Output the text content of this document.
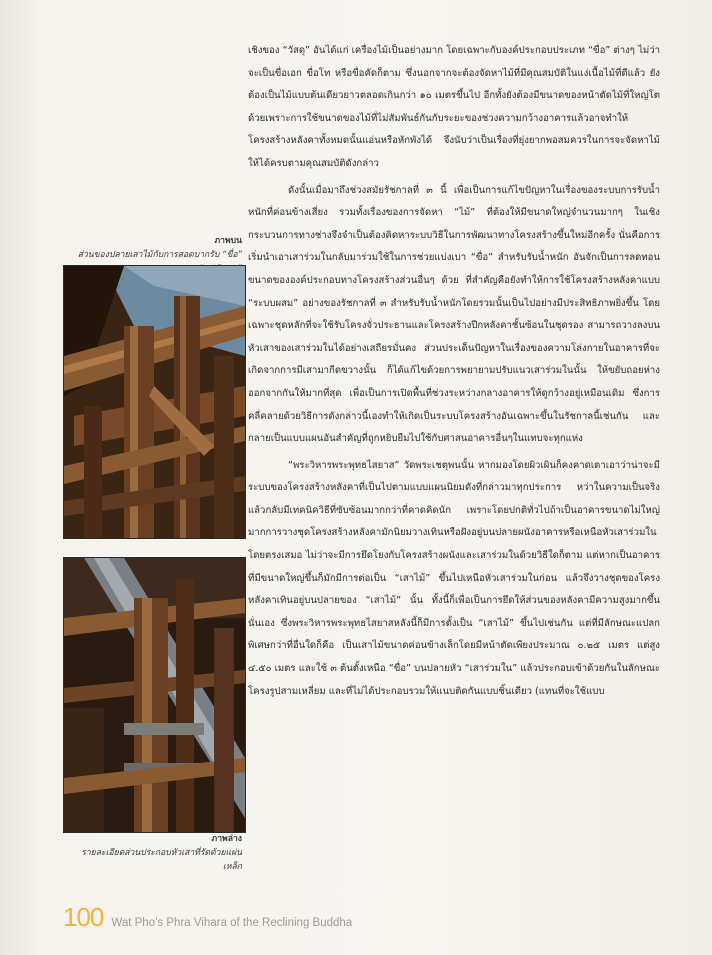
ภาพบน
ส่วนของปลายเสาไม้กับการสอดบากรับ “ขื่อ”
ภาพล่าง
รายละเอียดส่วนประกอบหัวเสาที่รัดด้วยแผ่นเหล็ก

เชิงของ “วัสดุ” อันได้แก่ เครื่องไม้เป็นอย่างมาก โดยเฉพาะกับองค์ประกอบประเภท “ขื่อ” ต่างๆ ไม่ว่าจะเป็นขื่อเอก ขื่อโท หรือขื่อคัดก็ตาม ซึ่งนอกจากจะต้องจัดหาไม้ที่มีคุณสมบัติในแง่เนื้อไม้ที่ดีแล้ว ยังต้องเป็นไม้แบบต้นเดียวยาวตลอดเกินกว่า ๑๐ เมตรขึ้นไป อีกทั้งยังต้องมีขนาดของหน้าตัดไม้ที่ใหญ่โตด้วยเพราะการใช้ขนาดของไม้ที่ไม่สัมพันธ์กันกับระยะของช่วงความกว้างอาคารแล้วอาจทำให้โครงสร้างหลังคาทั้งหมดนั้นแอ่นหรือหักพังได้ จึงนับว่าเป็นเรื่องที่ยุ่งยากพอสมควรในการจะจัดหาไม้ให้ได้ครบตามคุณสมบัติดังกล่าว

ดังนั้นเมื่อมาถึงช่วงสมัยรัชกาลที่ ๓ นี้ เพื่อเป็นการแก้ไขปัญหาในเรื่องของระบบการรับน้ำหนักที่ค่อนข้างเสี่ยง รวมทั้งเรื่องของการจัดหา “ไม้” ที่ต้องให้มีขนาดใหญ่จำนวนมากๆ ในเชิงกระบวนการทางช่างจึงจำเป็นต้องคิดหาระบบวิธีในการพัฒนาทางโครงสร้างขึ้นใหม่อีกครั้ง นั่นคือการเริ่มนำเอาเสาร่วมในกลับมาร่วมใช้ในการช่วยแบ่งเบา “ขื่อ” สำหรับรับน้ำหนัก อันจักเป็นการลดทอนขนาดขององค์ประกอบทางโครงสร้างส่วนอื่นๆ ด้วย ที่สำคัญคือยังทำให้การใช้โครงสร้างหลังคาแบบ “ระบบผสม” อย่างของรัชกาลที่ ๓ สำหรับรับน้ำหนักโดยรวมนั้นเป็นไปอย่างมีประสิทธิภาพยิ่งขึ้น โดยเฉพาะชุดหลักที่จะใช้รับโครงจั่วประธานและโครงสร้างปีกหลังคาชั้นซ้อนในชุดรอง สามารถวางลงบนหัวเสาของเสาร่วมในได้อย่างเสถียรมั่นคง ส่วนประเด็นปัญหาในเรื่องของความโล่งกายในอาคารที่จะเกิดจากการมีเสามากีดขวางนั้น ก็ได้แก้ไขด้วยการพยายามปรับแนวเสาร่วมในนั้น ให้ขยับถอยห่างออกจากกันให้มากที่สุด เพื่อเป็นการเปิดพื้นที่ช่วงระหว่างกลางอาคารให้ดูกว้างอยู่เหมือนเดิม ซึ่งการคลี่คลายด้วยวิธีการดังกล่าวนี้เองทำให้เกิดเป็นระบบโครงสร้างอันเฉพาะขึ้นในรัชกาลนี้เช่นกัน และกลายเป็นแบบแผนอันสำคัญที่ถูกหยิบยืมไปใช้กับศาสนอาคารอื่นๆในแทบจะทุกแห่ง

“พระวิหารพระพุทธไสยาส” วัดพระเชตุพนนั้น หากมองโดยผิวเผินก็คงคาดเดาเอาว่าน่าจะมีระบบของโครงสร้างหลังคาที่เป็นไปตามแบบแผนนิยมดังที่กล่าวมาทุกประการ หว่าในความเป็นจริงแล้วกลับมีเทคนิควิธีที่ซับซ้อนมากกว่าที่คาดคิดนัก เพราะโดยปกติทั่วไปถ้าเป็นอาคารขนาดไม่ใหญ่มากการวางชุดโครงสร้างหลังคามักนิยมวางเทินหรือฝังอยู่บนปลายผนังอาคารหรือเหนือหัวเสาร่วมในโดยตรงเสมอ ไม่ว่าจะมีการยึดโยงกับโครงสร้างผนังและเสาร่วมในด้วยวิธีใดก็ตาม แต่หากเป็นอาคารที่มีขนาดใหญ่ขึ้นก็มักมีการต่อเป็น “เสาไม้” ขึ้นไปเหนือหัวเสาร่วมในก่อน แล้วจึงวางชุดของโครงหลังคาเทินอยู่บนปลายของ “เสาไม้” นั้น ทั้งนี้ก็เพื่อเป็นการยึดให้ส่วนของหลังคามีความสูงมากขึ้นนั่นเอง ซึ่งพระวิหารพระพุทธไสยาสหลังนี้ก็มีการตั้งเป็น “เสาไม้” ขึ้นไปเช่นกัน แต่ที่มีลักษณะแปลกพิเศษกว่าที่อื่นใดก็คือ เป็นเสาไม้ขนาดค่อนข้างเล็กโดยมีหน้าตัดเพียงประมาณ ๐.๒๕ เมตร แต่สูง ๔.๕๐ เมตร และใช้ ๓ ต้นตั้งเหนือ “ขื่อ” บนปลายหัว “เสาร่วมใน” แล้วประกอบเข้าด้วยกันในลักษณะโครงรูปสามเหลี่ยม และที่ไม่ได้ประกอบรวมให้แนบติดกันแบบชิ้นเดียว (แทนที่จะใช้แบบ

100 Wat Pho’s Phra Vihara of the Reclining Buddha
